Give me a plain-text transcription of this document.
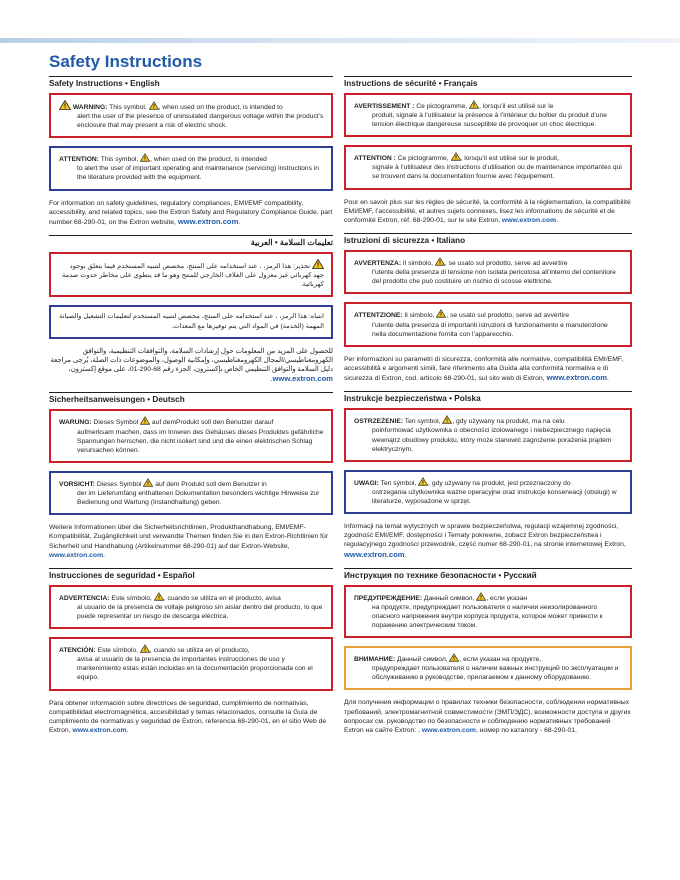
Safety Instructions
Safety Instructions • English
WARNING: This symbol,
, when used on the product, is intended to
alert the user of the presence of uninsulated dangerous voltage within the product’s enclosure that may present a risk of electric shock.
ATTENTION: This symbol,
, when used on the product, is intended
to alert the user of important operating and maintenance (servicing) instructions in the literature provided with the equipment.
For information on safety guidelines, regulatory compliances, EMI/EMF compatibility, accessibility, and related topics, see the Extron Safety and Regulatory Compliance Guide, part number 68-290-01, on the Extron website, www.extron.com.
تعليمات السلامة • العربية
تحذير: هذا الرمز، ، عند استخدامه على المنتج، مخصص لتنبيه المستخدم فيما يتعلق بوجود جهد كهربائي غير معزول على الغلاف الخارجي للمنتج وهو ما قد ينطوي على مخاطر حدوث صدمة كهربائية.
انتباه: هذا الرمز، ، عند استخدامه على المنتج، مخصص لتنبيه المستخدم لتعليمات التشغيل والصيانة المهمة (الخدمة) في المواد التي يتم توفيرها مع المعدات.
للحصول على المزيد من المعلومات حول إرشادات السلامة، والتوافقات التنظيمية، والتوافق الكهرومغناطيسي/المجال الكهرومغناطيسي، وإمكانية الوصول، والموضوعات ذات الصلة، يُرجى مراجعة دليل السلامة والتوافق التنظيمي الخاص بإكسترون، الجزء رقم 68-290-01، على موقع إكسترون، www.extron.com.
Sicherheitsanweisungen • Deutsch
WARUNG: Dieses Symbol
auf demProdukt soll den Benutzer darauf
aufmerksam machen, dass im Inneren des Gehäuses dieses Produktes gefährliche Spannungen herrschen, die nicht isoliert sind und die einen elektrischen Schlag verursachen können.
VORSICHT: Dieses Symbol
auf dem Produkt soll dem Benutzer in
der im Lieferumfang enthaltenen Dokumentation besonders wichtige Hinweise zur Bedienung und Wartung (Instandhaltung) geben.
Weitere Informationen über die Sicherheitsrichtlinien, Produkthandhabung, EMI/EMF-Kompatibilität, Zugänglichkeit und verwandte Themen finden Sie in den Extron-Richtlinien für Sicherheit und Handhabung (Artikelnummer 68-290-01) auf der Extron-Website, www.extron.com.
Instrucciones de seguridad • Español
ADVERTENCIA: Este símbolo,
, cuando se utiliza en el producto, avisa
al usuario de la presencia de voltaje peligroso sin aislar dentro del producto, lo que puede representar un riesgo de descarga eléctrica.
ATENCIÓN: Este símbolo,
, cuando se utiliza en el producto,
avisa al usuario de la presencia de importantes instrucciones de uso y mantenimiento estas están incluidas en la documentación proporcionada con el equipo.
Para obtener información sobre directrices de seguridad, cumplimiento de normativas, compatibilidad electromagnética, accesibilidad y temas relacionados, consulte la Guía de cumplimiento de normativas y seguridad de Extron, referencia 68-290-01, en el sitio Web de Extron, www.extron.com.
Instructions de sécurité • Français
AVERTISSEMENT : Ce pictogramme,
, lorsqu’il est utilisé sur le
produit, signale à l’utilisateur la présence à l’intérieur du boîtier du produit d’une tension électrique dangereuse susceptible de provoquer un choc électrique.
ATTENTION : Ce pictogramme,
, lorsqu’il est utilisé sur le produit,
signale à l’utilisateur des instructions d’utilisation ou de maintenance importantes qui se trouvent dans la documentation fournie avec l’équipement.
Pour en savoir plus sur les règles de sécurité, la conformité à la réglementation, la compatibilité EMI/EMF, l’accessibilité, et autres sujets connexes, lisez les informations de sécurité et de conformité Extron, réf. 68-290-01, sur le site Extron, www.extron.com.
Istruzioni di sicurezza • Italiano
AVVERTENZA: Il simbolo,
, se usato sul prodotto, serve ad avvertire
l’utente della presenza di tensione non isolata pericolosa all’interno del contenitore del prodotto che può costituire un rischio di scosse elettriche.
ATTENTZIONE: Il simbolo,
, se usato sul prodotto, serve ad avvertire
l’utente della presenza di importanti istruzioni di funzionamento e manutenzione nella documentazione fornita con l’apparecchio.
Per informazioni su parametri di sicurezza, conformità alle normative, compatibilità EMI/EMF, accessibilità e argomenti simili, fare riferimento alla Guida alla conformità normativa e di sicurezza di Extron, cod. articolo 68-290-01, sul sito web di Extron, www.extron.com.
Instrukcje bezpieczeństwa • Polska
OSTRZEŻENIE: Ten symbol,
, gdy używany na produkt, ma na celu
poinformować użytkownika o obecności izolowanego i niebezpiecznego napięcia wewnątrz obudowy produktu, który może stanowić zagrożenie porażenia prądem elektrycznym.
UWAGI: Ten symbol,
, gdy używany na produkt, jest przeznaczony do
ostrzegania użytkownika ważne operacyjne oraz instrukcje konserwacji (obsługi) w literaturze, wyposażone w sprzęt.
Informacji na temat wytycznych w sprawie bezpieczeństwa, regulacji wzajemnej zgodności, zgodność EMI/EMF, dostępności i Tematy pokrewne, zobacz Extron bezpieczeństwa i regulacyjnego zgodności przewodnik, część numer 68-290-01, na stronie internetowej Extron, www.extron.com.
Инструкция по технике безопасности • Русский
ПРЕДУПРЕЖДЕНИЕ: Данный символ,
, если указан
на продукте, предупреждает пользователя о наличии неизолированного опасного напряжения внутри корпуса продукта, которое может привести к поражению электрическим током.
ВНИМАНИЕ: Данный символ,
, если указан на продукте,
предупреждает пользователя о наличии важных инструкций по эксплуатации и обслуживанию в руководстве, прилагаемом к данному оборудованию.
Для получения информации о правилах техники безопасности, соблюдении нормативных требований, электромагнитной совместимости (ЭМП/ЭДС), возможности доступа и других вопросах см. руководство по безопасности и соблюдению нормативных требований Extron на сайте Extron: , www.extron.com, номер по каталогу - 68-290-01.
